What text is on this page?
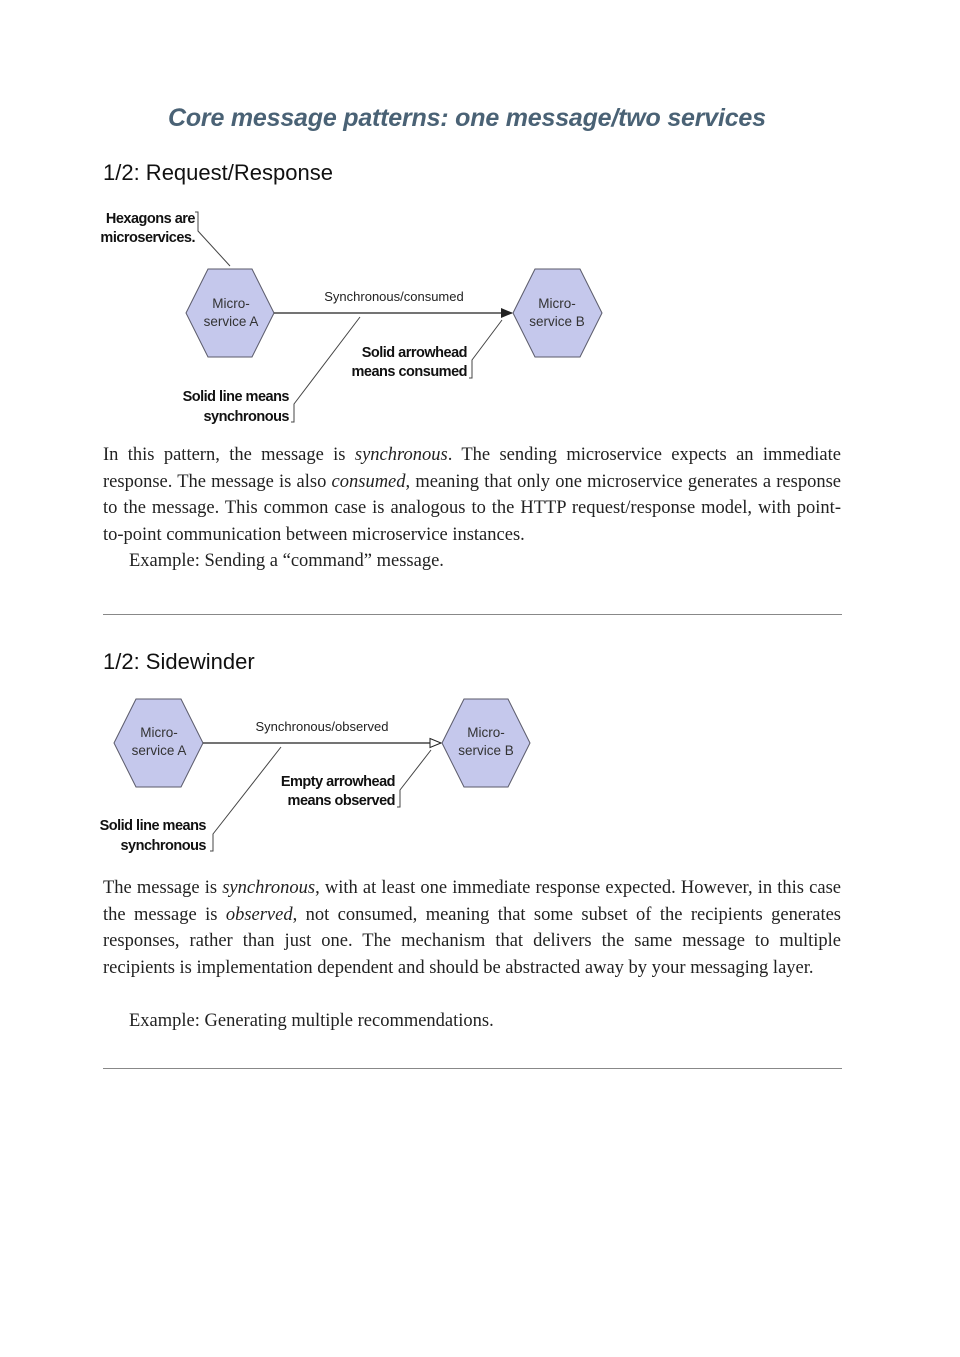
Core message patterns: one message/two services
1/2: Request/Response
Hexagons are
microservices.
Micro-
service A
Micro-
service B
Synchronous/consumed
Solid arrowhead
means consumed
Solid line means
synchronous

In this pattern, the message is synchronous. The sending microservice expects an immediate response. The message is also consumed, meaning that only one microservice generates a response to the message. This common case is analogous to the HTTP request/response model, with point-to-point communication between microservice instances.

Example: Sending a “command” message.

1/2: Sidewinder
Micro-
service A
Micro-
service B
Synchronous/observed
Empty arrowhead
means observed
Solid line means
synchronous

The message is synchronous, with at least one immediate response expected. However, in this case the message is observed, not consumed, meaning that some subset of the recipients generates responses, rather than just one. The mechanism that delivers the same message to multiple recipients is implementation dependent and should be abstracted away by your messaging layer.

Example: Generating multiple recommendations.
